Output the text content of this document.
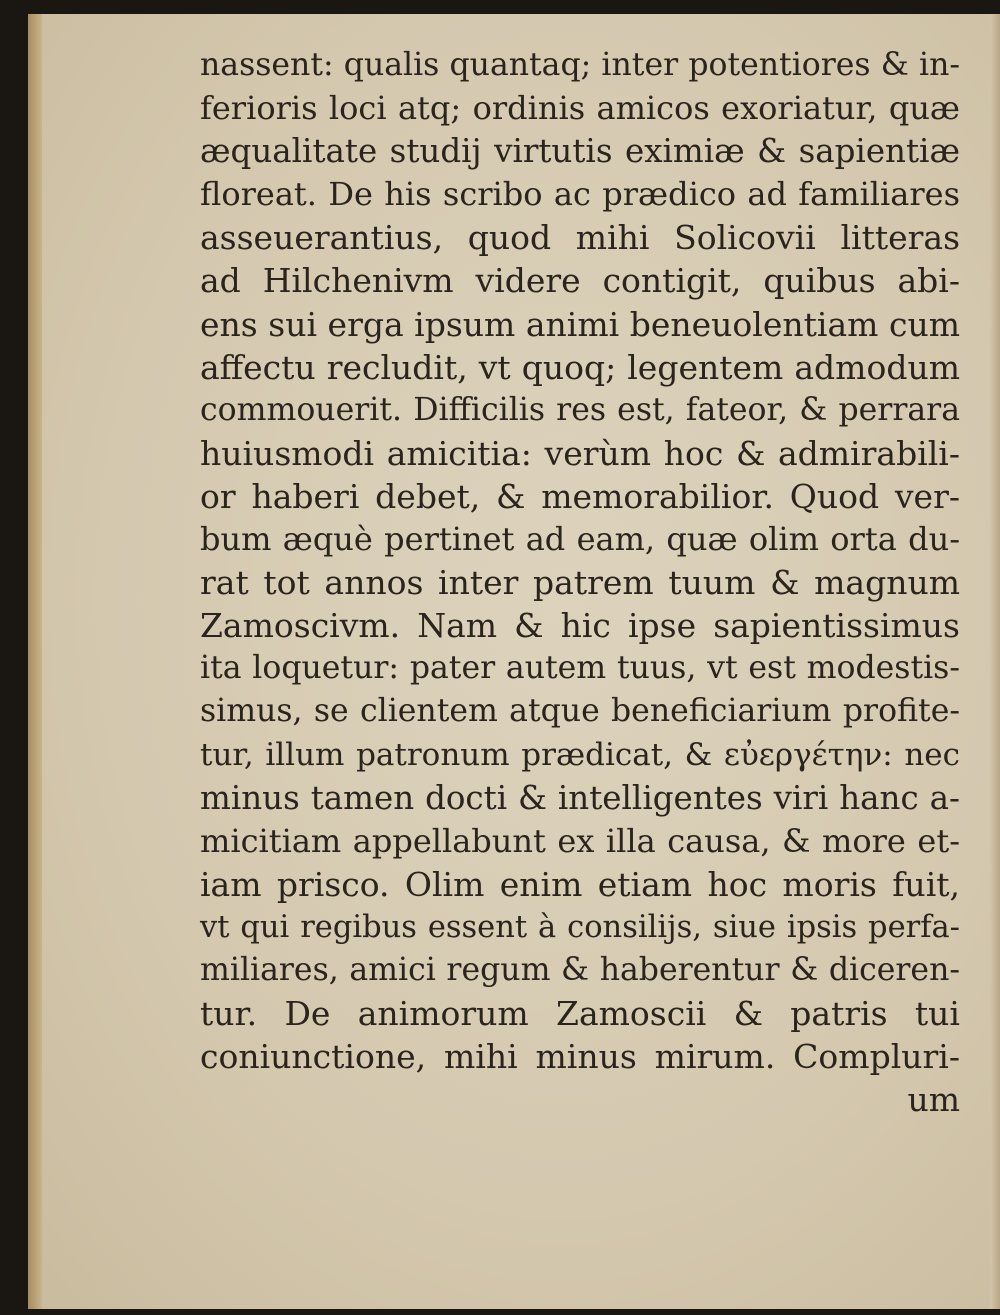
nassent: qualis quantaq; inter potentiores & in-
ferioris loci atq; ordinis amicos exoriatur, quæ
æqualitate studij virtutis eximiæ & sapientiæ
floreat. De his scribo ac prædico ad familiares
asseuerantius, quod mihi Solicovii litteras
ad Hilchenivm videre contigit, quibus abi-
ens sui erga ipsum animi beneuolentiam cum
affectu recludit, vt quoq; legentem admodum
commouerit. Difficilis res est, fateor, & perrara
huiusmodi amicitia: verùm hoc & admirabili-
or haberi debet, & memorabilior. Quod ver-
bum æquè pertinet ad eam, quæ olim orta du-
rat tot annos inter patrem tuum & magnum
Zamoscivm. Nam & hic ipse sapientissimus
ita loquetur: pater autem tuus, vt est modestis-
simus, se clientem atque beneficiarium profite-
tur, illum patronum prædicat, & εὐεργέτην: nec
minus tamen docti & intelligentes viri hanc a-
micitiam appellabunt ex illa causa, & more et-
iam prisco. Olim enim etiam hoc moris fuit,
vt qui regibus essent à consilijs, siue ipsis perfa-
miliares, amici regum & haberentur & diceren-
tur. De animorum Zamoscii & patris tui
coniunctione, mihi minus mirum. Compluri-
um
